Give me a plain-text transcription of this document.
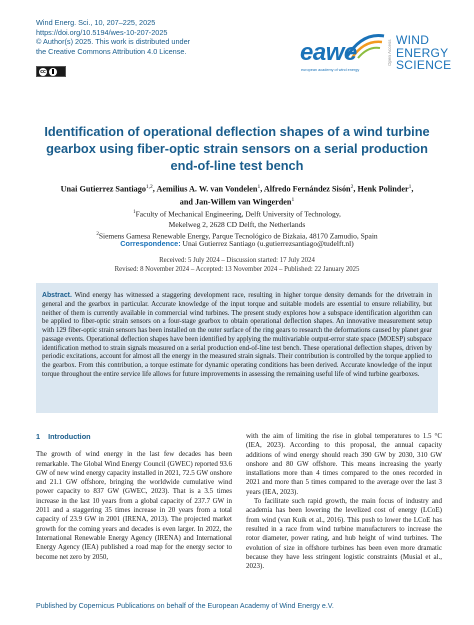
Wind Energ. Sci., 10, 207–225, 2025
https://doi.org/10.5194/wes-10-207-2025
© Author(s) 2025. This work is distributed under
the Creative Commons Attribution 4.0 License.
cc
eawe
european academy of wind energy
Open Access WIND
ENERGY
SCIENCE
Identification of operational deflection shapes of a wind turbine gearbox using fiber-optic strain sensors on a serial production end-of-line test bench
Unai Gutierrez Santiago$^{1,2}$, Aemilius A. W. van Vondelen$^1$, Alfredo Fernández Sisón$^2$, Henk Polinder$^1$,
and Jan-Willem van Wingerden$^1$
$^1$Faculty of Mechanical Engineering, Delft University of Technology,
Mekelweg 2, 2628 CD Delft, the Netherlands
$^2$Siemens Gamesa Renewable Energy, Parque Tecnológico de Bizkaia, 48170 Zamudio, Spain
Correspondence: Unai Gutierrez Santiago (u.gutierrezsantiago@tudelft.nl)
Received: 5 July 2024 – Discussion started: 17 July 2024
Revised: 8 November 2024 – Accepted: 13 November 2024 – Published: 22 January 2025
Abstract. Wind energy has witnessed a staggering development race, resulting in higher torque density demands for the drivetrain in general and the gearbox in particular. Accurate knowledge of the input torque and suitable models are essential to ensure reliability, but neither of them is currently available in commercial wind turbines. The present study explores how a subspace identification algorithm can be applied to fiber-optic strain sensors on a four-stage gearbox to obtain operational deflection shapes. An innovative measurement setup with 129 fiber-optic strain sensors has been installed on the outer surface of the ring gears to research the deformations caused by planet gear passage events. Operational deflection shapes have been identified by applying the multivariable output-error state space (MOESP) subspace identification method to strain signals measured on a serial production end-of-line test bench. These operational deflection shapes, driven by periodic excitations, account for almost all the energy in the measured strain signals. Their contribution is controlled by the torque applied to the gearbox. From this contribution, a torque estimate for dynamic operating conditions has been derived. Accurate knowledge of the input torque throughout the entire service life allows for future improvements in assessing the remaining useful life of wind turbine gearboxes.
1 Introduction

The growth of wind energy in the last few decades has been remarkable. The Global Wind Energy Council (GWEC) reported 93.6 GW of new wind energy capacity installed in 2021, 72.5 GW onshore and 21.1 GW offshore, bringing the worldwide cumulative wind power capacity to 837 GW (GWEC, 2023). That is a 3.5 times increase in the last 10 years from a global capacity of 237.7 GW in 2011 and a staggering 35 times increase in 20 years from a total capacity of 23.9 GW in 2001 (IRENA, 2013). The projected market growth for the coming years and decades is even larger. In 2022, the International Renewable Energy Agency (IRENA) and International Energy Agency (IEA) published a road map for the energy sector to become net zero by 2050,

with the aim of limiting the rise in global temperatures to 1.5 °C (IEA, 2023). According to this proposal, the annual capacity additions of wind energy should reach 390 GW by 2030, 310 GW onshore and 80 GW offshore. This means increasing the yearly installations more than 4 times compared to the ones recorded in 2021 and more than 5 times compared to the average over the last 3 years (IEA, 2023).

To facilitate such rapid growth, the main focus of industry and academia has been lowering the levelized cost of energy (LCoE) from wind (van Kuik et al., 2016). This push to lower the LCoE has resulted in a race from wind turbine manufacturers to increase the rotor diameter, power rating, and hub height of wind turbines. The evolution of size in offshore turbines has been even more dramatic because they have less stringent logistic constraints (Musial et al., 2023).

Published by Copernicus Publications on behalf of the European Academy of Wind Energy e.V.
